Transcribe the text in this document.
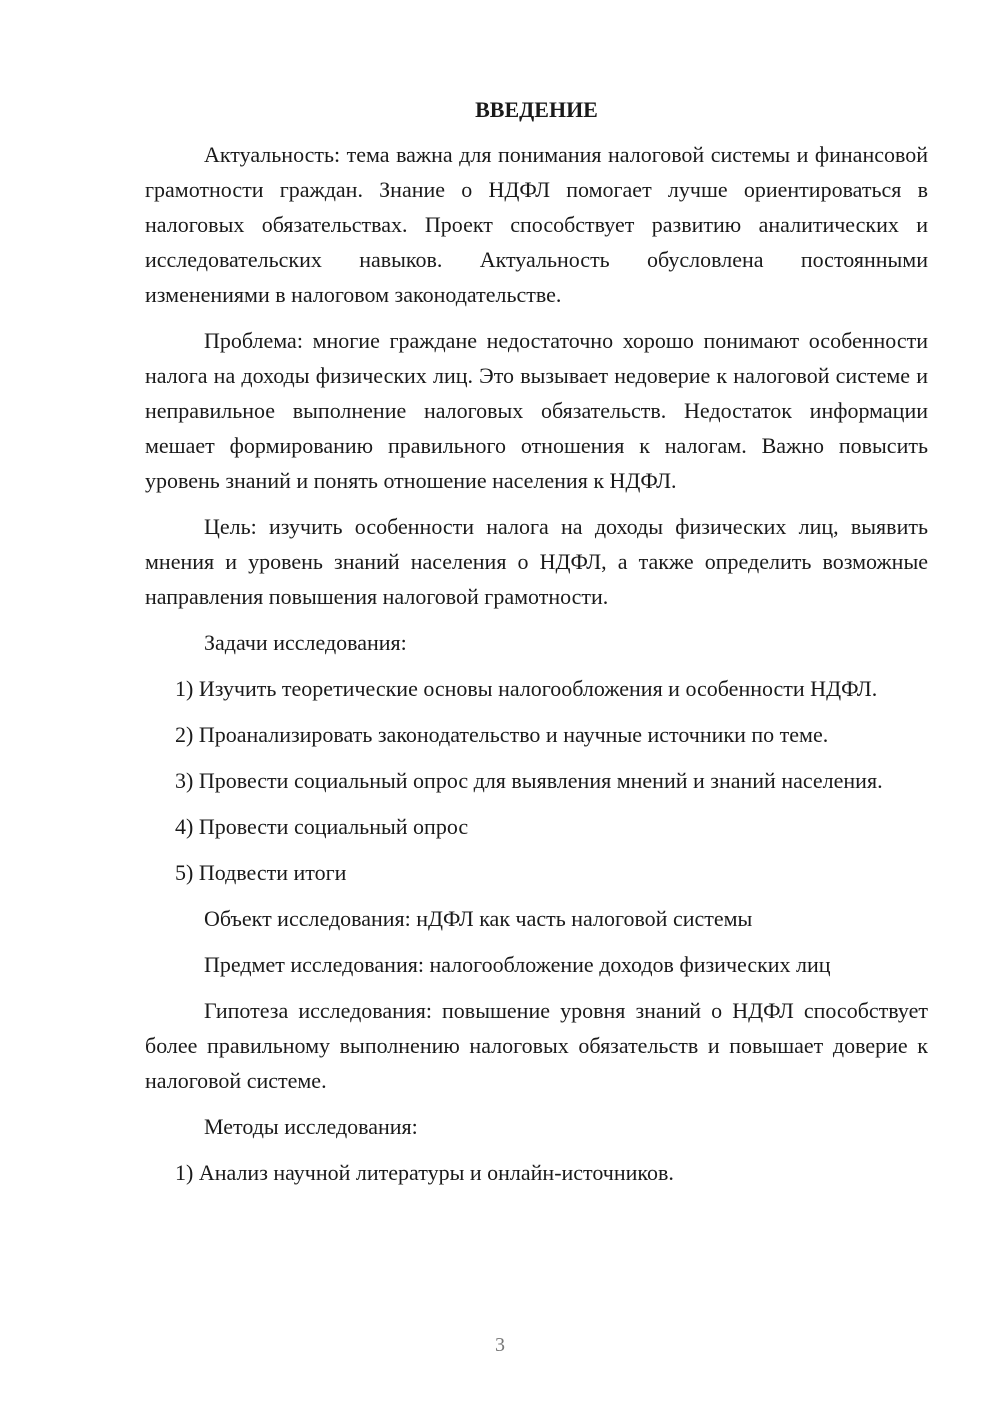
ВВЕДЕНИЕ

Актуальность: тема важна для понимания налоговой системы и финансовой грамотности граждан. Знание о НДФЛ помогает лучше ориентироваться в налоговых обязательствах. Проект способствует развитию аналитических и исследовательских навыков. Актуальность обусловлена постоянными изменениями в налоговом законодательстве.

Проблема: многие граждане недостаточно хорошо понимают особенности налога на доходы физических лиц. Это вызывает недоверие к налоговой системе и неправильное выполнение налоговых обязательств. Недостаток информации мешает формированию правильного отношения к налогам. Важно повысить уровень знаний и понять отношение населения к НДФЛ.

Цель: изучить особенности налога на доходы физических лиц, выявить мнения и уровень знаний населения о НДФЛ, а также определить возможные направления повышения налоговой грамотности.

Задачи исследования:

1) Изучить теоретические основы налогообложения и особенности НДФЛ.

2) Проанализировать законодательство и научные источники по теме.

3) Провести социальный опрос для выявления мнений и знаний населения.

4) Провести социальный опрос

5) Подвести итоги

Объект исследования: нДФЛ как часть налоговой системы

Предмет исследования: налогообложение доходов физических лиц

Гипотеза исследования: повышение уровня знаний о НДФЛ способствует более правильному выполнению налоговых обязательств и повышает доверие к налоговой системе.

Методы исследования:

1) Анализ научной литературы и онлайн-источников.

3
